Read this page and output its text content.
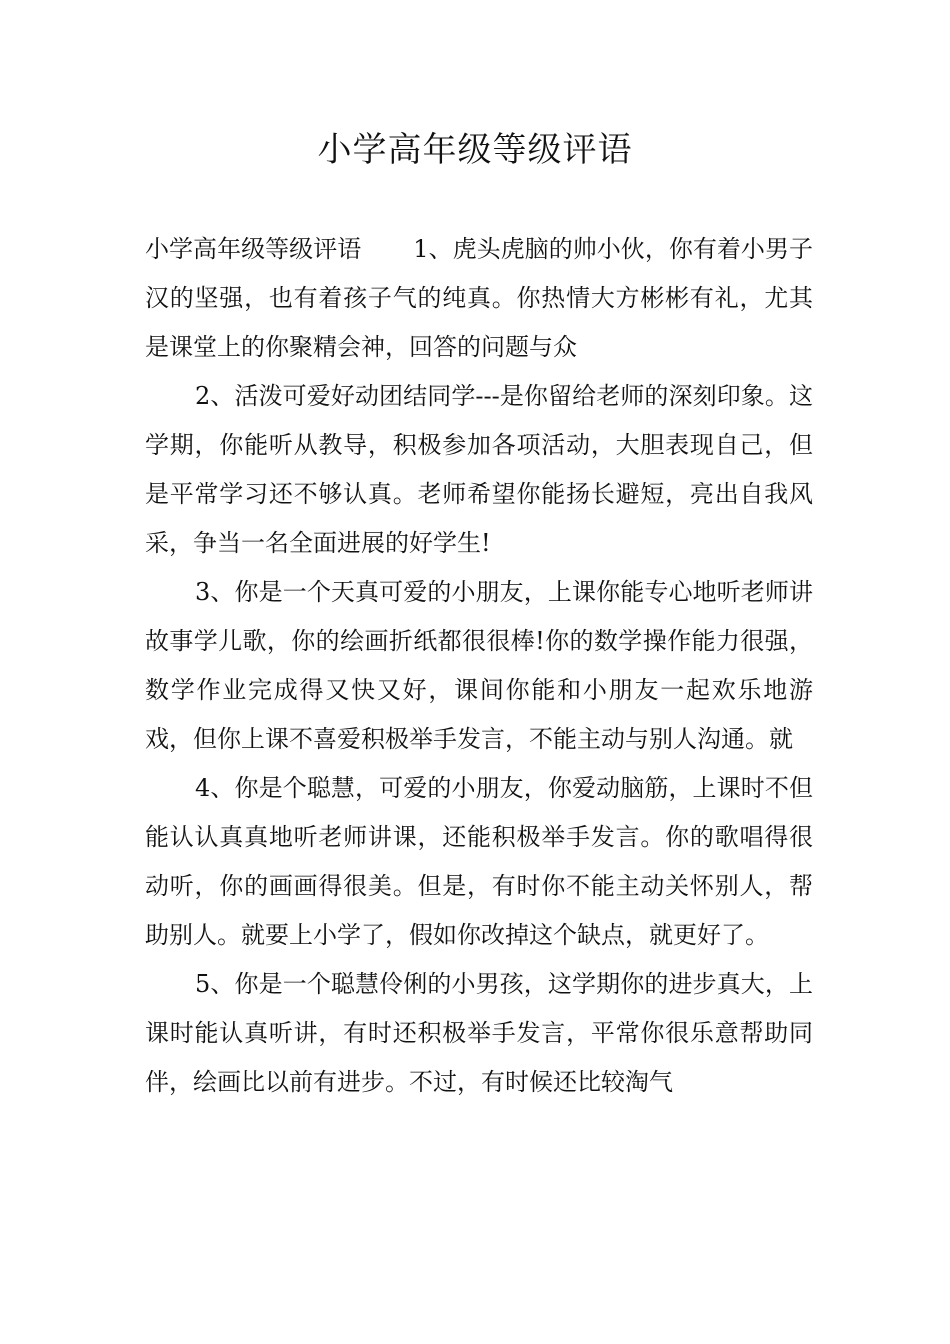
小学高年级等级评语

小学高年级等级评语 1、虎头虎脑的帅小伙，你有着小男子汉的坚强，也有着孩子气的纯真。你热情大方彬彬有礼，尤其是课堂上的你聚精会神，回答的问题与众

2、活泼可爱好动团结同学---是你留给老师的深刻印象。这学期，你能听从教导，积极参加各项活动，大胆表现自己，但是平常学习还不够认真。老师希望你能扬长避短，亮出自我风采，争当一名全面进展的好学生!

3、你是一个天真可爱的小朋友，上课你能专心地听老师讲故事学儿歌，你的绘画折纸都很很棒!你的数学操作能力很强，数学作业完成得又快又好，课间你能和小朋友一起欢乐地游戏，但你上课不喜爱积极举手发言，不能主动与别人沟通。就

4、你是个聪慧，可爱的小朋友，你爱动脑筋，上课时不但能认认真真地听老师讲课，还能积极举手发言。你的歌唱得很动听，你的画画得很美。但是，有时你不能主动关怀别人，帮助别人。就要上小学了，假如你改掉这个缺点，就更好了。

5、你是一个聪慧伶俐的小男孩，这学期你的进步真大，上课时能认真听讲，有时还积极举手发言，平常你很乐意帮助同伴，绘画比以前有进步。不过，有时候还比较淘气
